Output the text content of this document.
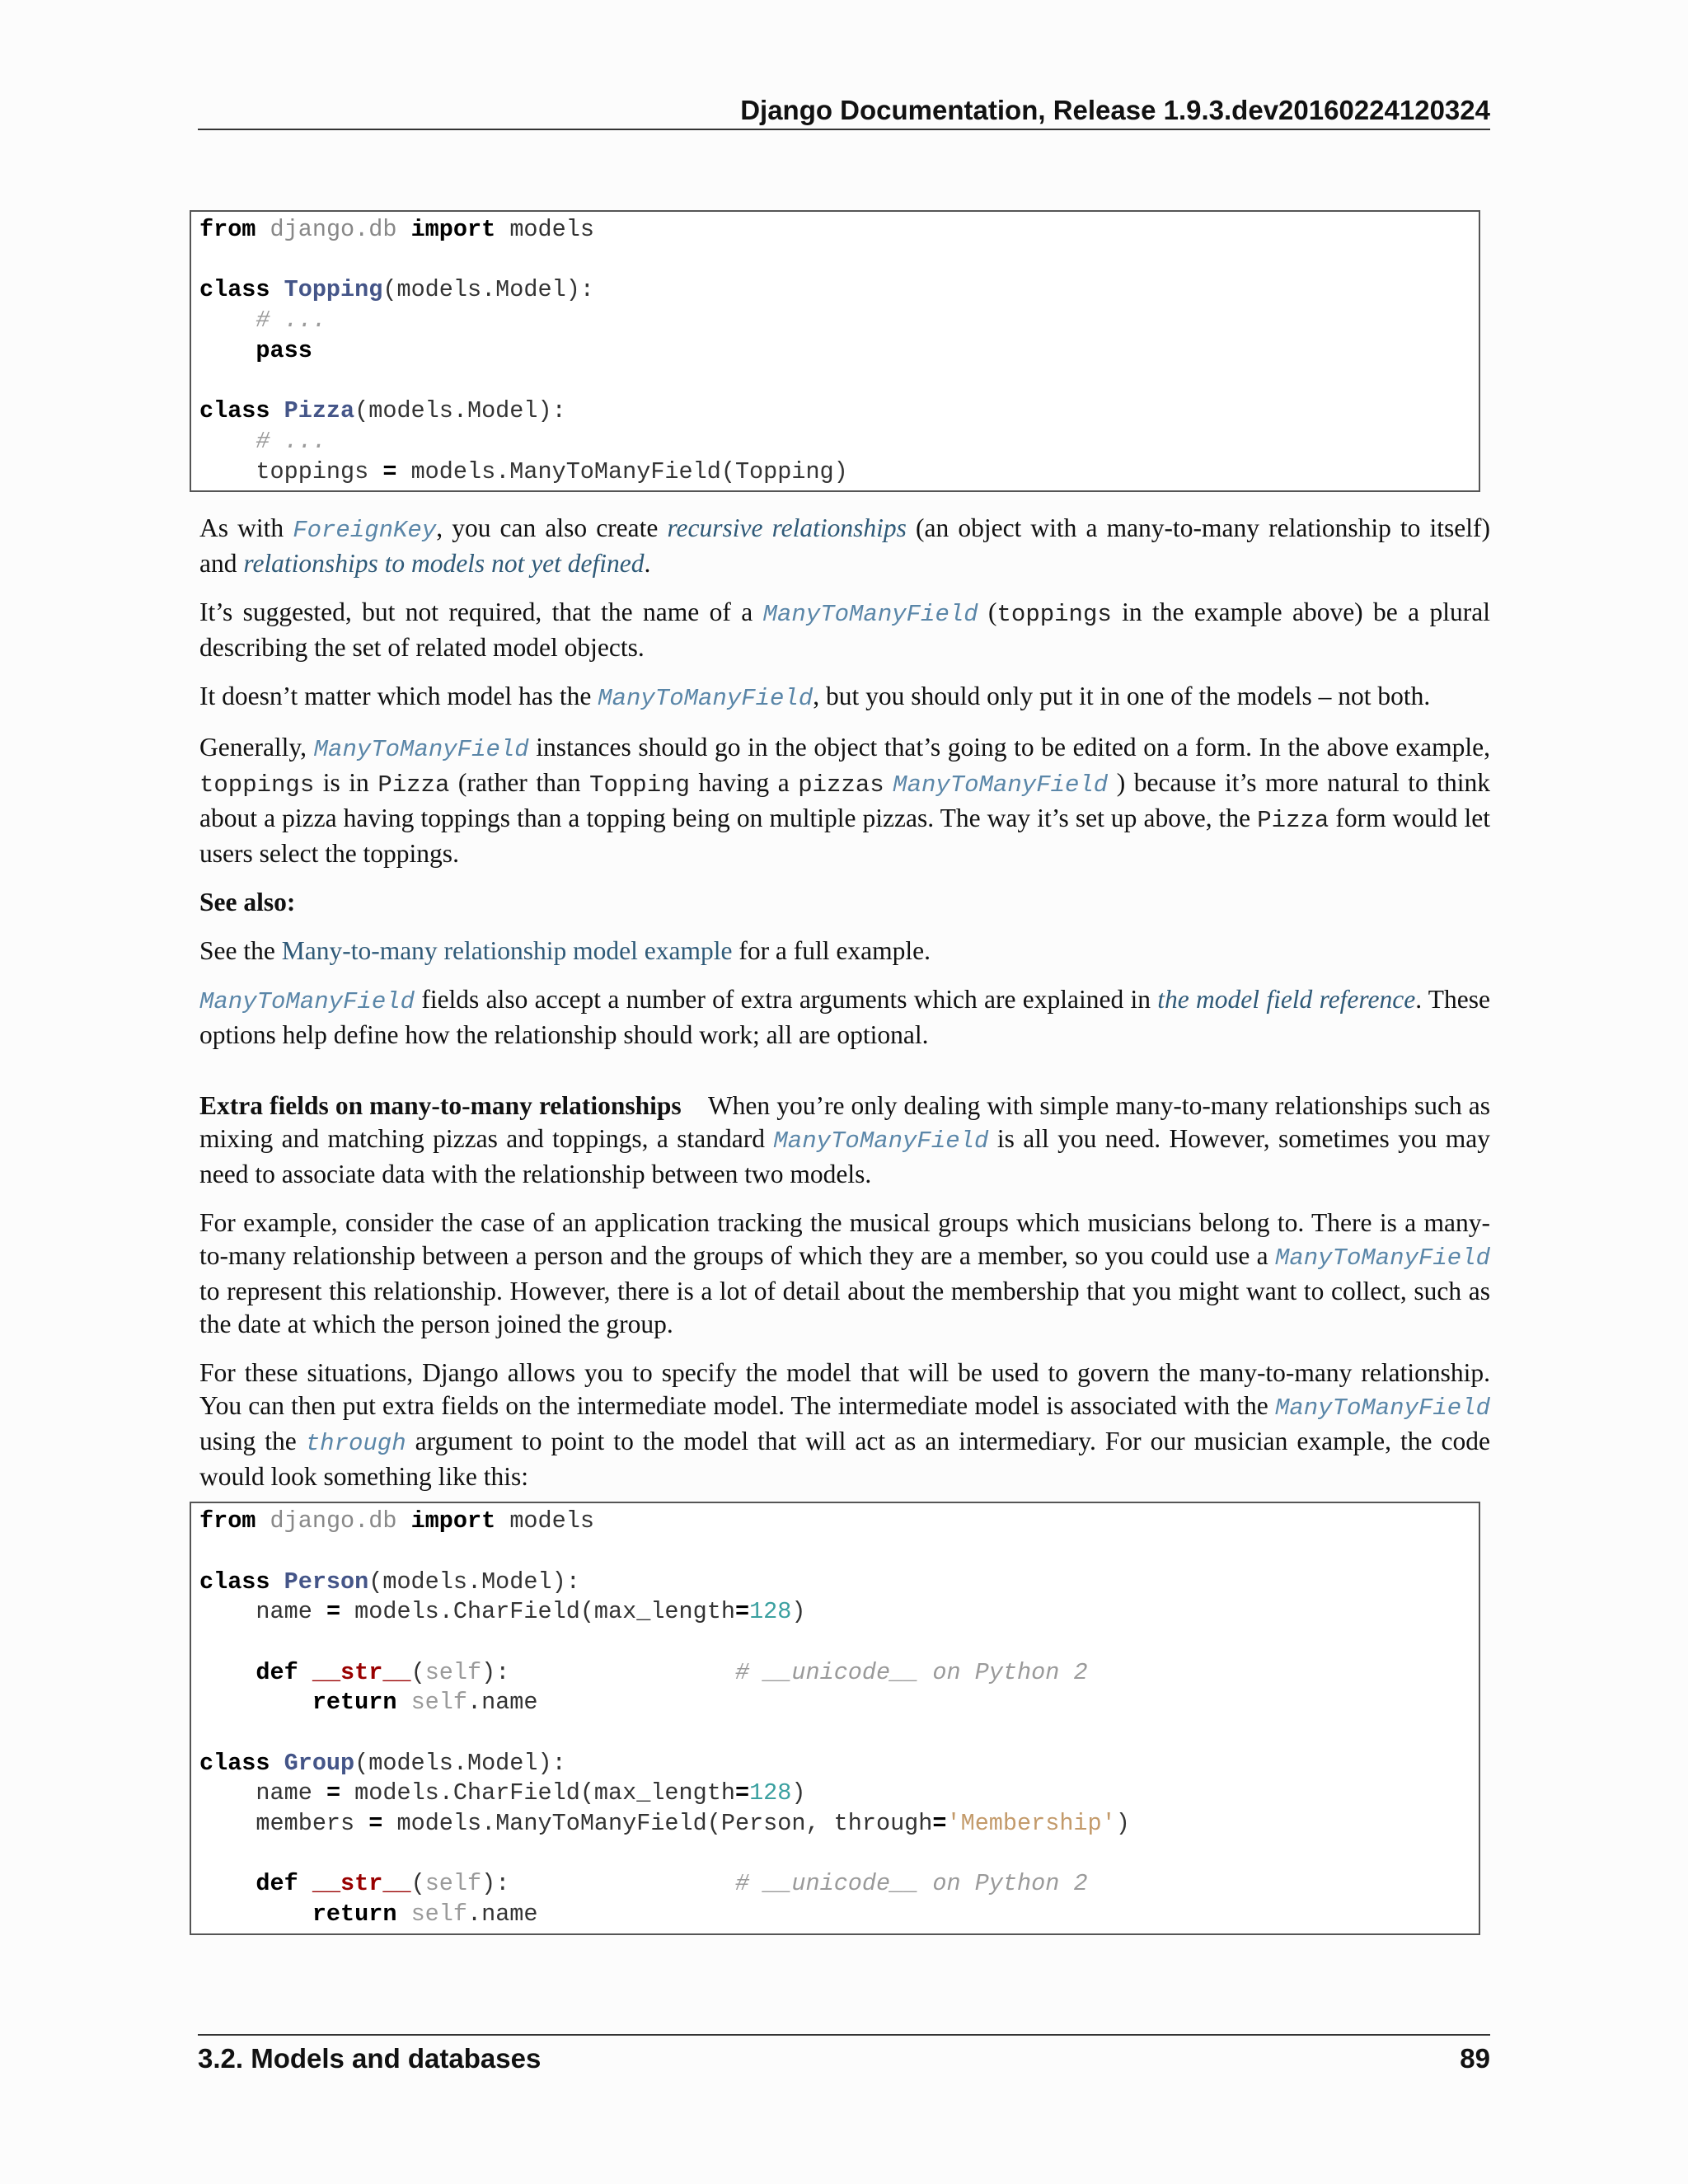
Django Documentation, Release 1.9.3.dev20160224120324
from django.db import models
class Topping(models.Model):
# ...
pass
class Pizza(models.Model):
# ...
toppings = models.ManyToManyField(Topping)

As with ForeignKey, you can also create recursive relationships (an object with a many-to-many relationship to itself) and relationships to models not yet defined.

It’s suggested, but not required, that the name of a ManyToManyField (toppings in the example above) be a plural describing the set of related model objects.

It doesn’t matter which model has the ManyToManyField, but you should only put it in one of the models – not both.

Generally, ManyToManyField instances should go in the object that’s going to be edited on a form. In the above example, toppings is in Pizza (rather than Topping having a pizzas ManyToManyField ) because it’s more natural to think about a pizza having toppings than a topping being on multiple pizzas. The way it’s set up above, the Pizza form would let users select the toppings.

See also:

See the Many-to-many relationship model example for a full example.

ManyToManyField fields also accept a number of extra arguments which are explained in the model field reference. These options help define how the relationship should work; all are optional.

Extra fields on many-to-many relationships When you’re only dealing with simple many-to-many relationships such as mixing and matching pizzas and toppings, a standard ManyToManyField is all you need. However, sometimes you may need to associate data with the relationship between two models.

For example, consider the case of an application tracking the musical groups which musicians belong to. There is a many-to-many relationship between a person and the groups of which they are a member, so you could use a ManyToManyField to represent this relationship. However, there is a lot of detail about the membership that you might want to collect, such as the date at which the person joined the group.

For these situations, Django allows you to specify the model that will be used to govern the many-to-many relationship. You can then put extra fields on the intermediate model. The intermediate model is associated with the ManyToManyField using the through argument to point to the model that will act as an intermediary. For our musician example, the code would look something like this:

from django.db import models
class Person(models.Model):
name = models.CharField(max_length=128)
def __str__(self):	# __unicode__ on Python 2
return self.name
class Group(models.Model):
name = models.CharField(max_length=128)
members = models.ManyToManyField(Person, through='Membership')
def __str__(self):	# __unicode__ on Python 2
return self.name
3.2. Models and databases	89
